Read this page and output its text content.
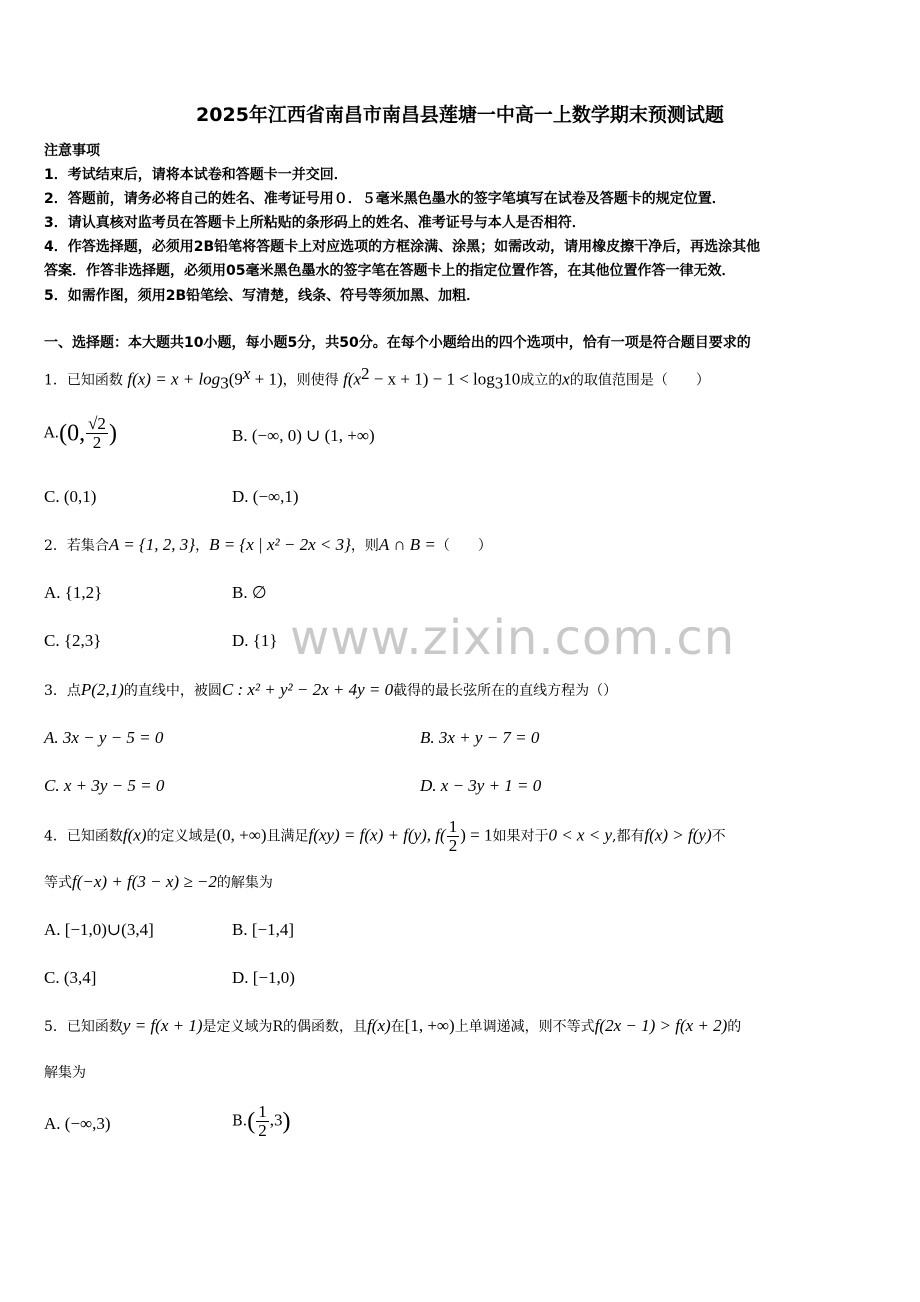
2025年江西省南昌市南昌县莲塘一中高一上数学期末预测试题
注意事项
1．考试结束后，请将本试卷和答题卡一并交回．
2．答题前，请务必将自己的姓名、准考证号用０．５毫米黑色墨水的签字笔填写在试卷及答题卡的规定位置．
3．请认真核对监考员在答题卡上所粘贴的条形码上的姓名、准考证号与本人是否相符．
4．作答选择题，必须用2B铅笔将答题卡上对应选项的方框涂满、涂黑；如需改动，请用橡皮擦干净后，再选涂其他
答案．作答非选择题，必须用05毫米黑色墨水的签字笔在答题卡上的指定位置作答，在其他位置作答一律无效．
5．如需作图，须用2B铅笔绘、写清楚，线条、符号等须加黑、加粗．
一、选择题：本大题共10小题，每小题5分，共50分。在每个小题给出的四个选项中，恰有一项是符合题目要求的
1．已知函数 $f(x) = x + \log_3(9^x + 1)$，则使得 $f(x^2 - x + 1) - 1 < \log_310$成立的x的取值范围是（　　）
A.(0, $\frac{√2}{2}$ )	B. (−∞, 0) ∪ (1, +∞)
C. (0,1)	D. (−∞,1)
2．若集合A = {1, 2, 3}，B = {x | x² − 2x < 3}，则A ∩ B =（　　）
A. {1,2}	B. ∅
C. {2,3}	D. {1} www.zixin.com.cn
3．点P(2,1)的直线中，被圆C : x² + y² − 2x + 4y = 0截得的最长弦所在的直线方程为（）
A. 3x − y − 5 = 0	B. 3x + y − 7 = 0
C. x + 3y − 5 = 0	D. x − 3y + 1 = 0
4．已知函数f(x)的定义域是(0, +∞)且满足f(xy) = f(x) + f(y), $f( \frac{1}{2}$ ) = 1如果对于0 < x < y,都有f(x) > f(y)不
等式f(−x) + f(3 − x) ≥ −2的解集为
A. [−1,0)∪(3,4]	B. [−1,4]
C. (3,4]	D. [−1,0)
5．已知函数y = f(x + 1)是定义域为R的偶函数，且f(x)在[1, +∞)上单调递减，则不等式f(2x − 1) > f(x + 2)的
解集为
A. (−∞,3)	$B.( \frac{1}{2} ,3)$
